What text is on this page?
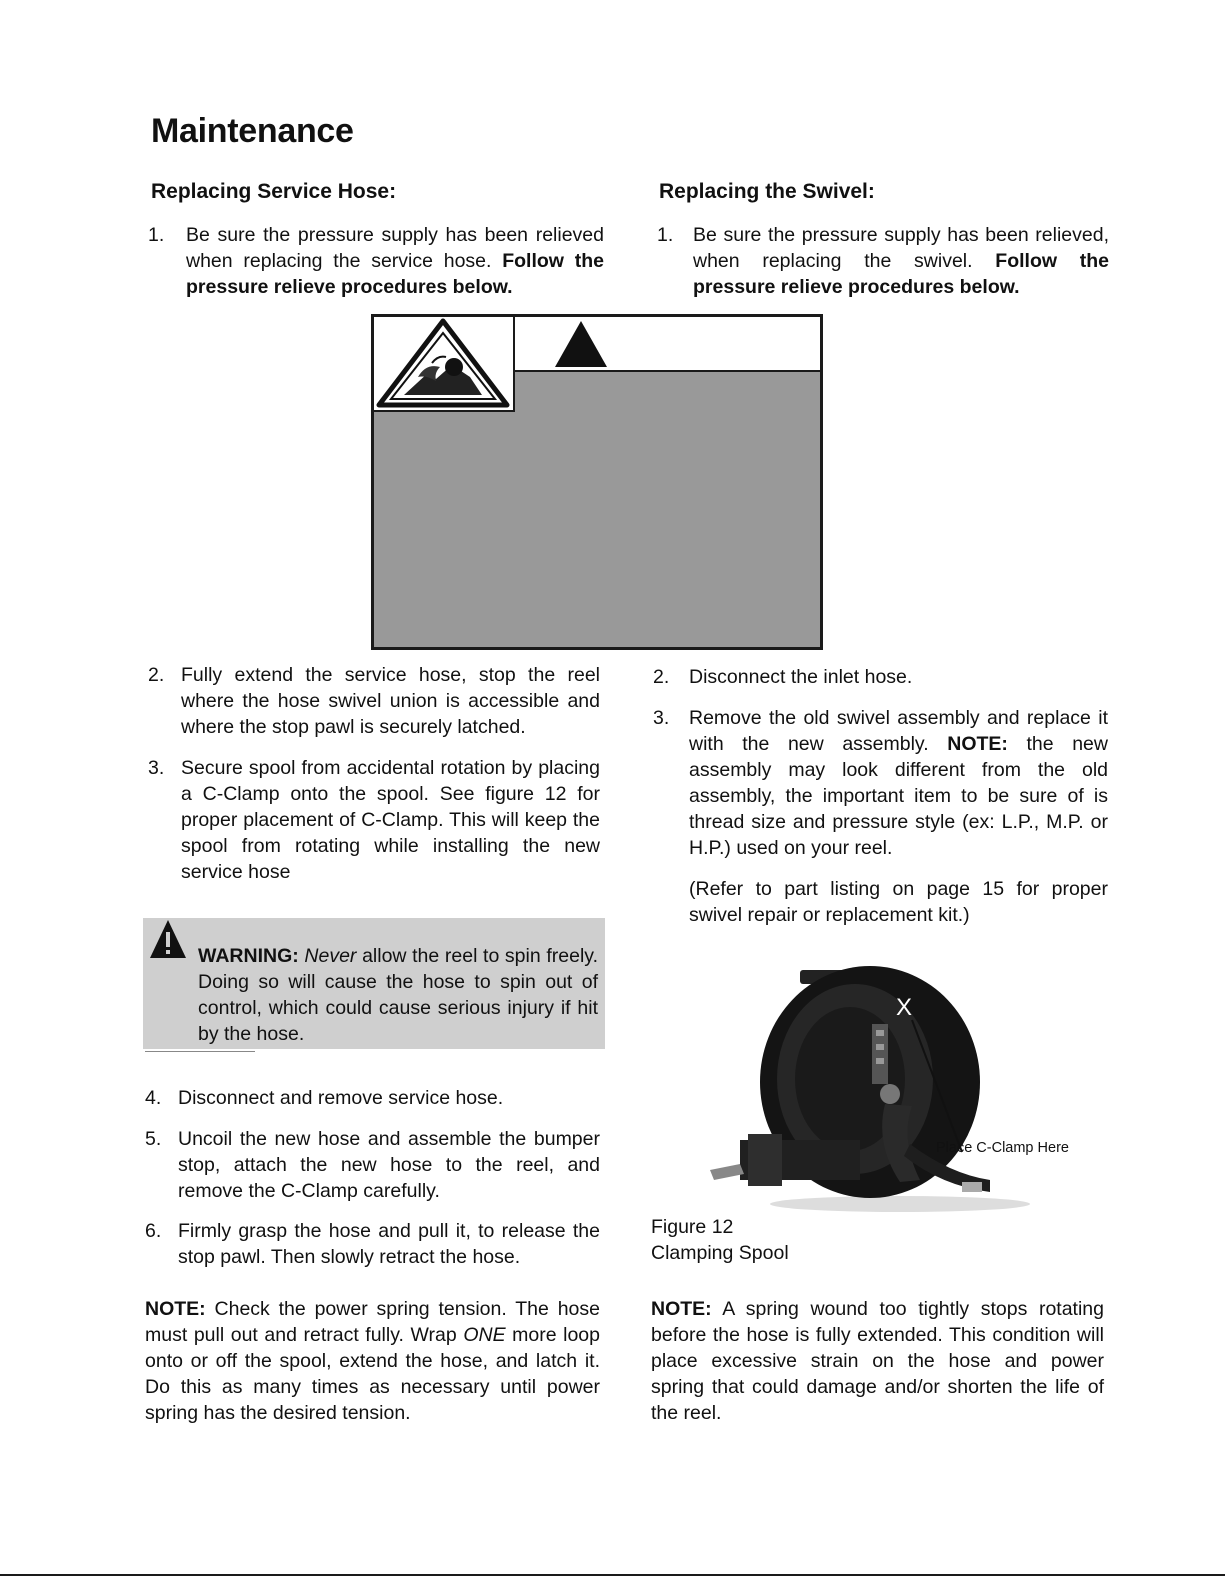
Maintenance
Replacing Service Hose:
1. Be sure the pressure supply has been relieved when replacing the service hose. Follow the pressure relieve procedures below.
2. Fully extend the service hose, stop the reel where the hose swivel union is accessible and where the stop pawl is securely latched.
3. Secure spool from accidental rotation by placing a C-Clamp onto the spool. See figure 12 for proper placement of C-Clamp. This will keep the spool from rotating while installing the new service hose
WARNING: Never allow the reel to spin freely. Doing so will cause the hose to spin out of control, which could cause serious injury if hit by the hose.
4. Disconnect and remove service hose.
5. Uncoil the new hose and assemble the bumper stop, attach the new hose to the reel, and remove the C-Clamp carefully.
6. Firmly grasp the hose and pull it, to release the stop pawl. Then slowly retract the hose.

NOTE: Check the power spring tension. The hose must pull out and retract fully. Wrap ONE more loop onto or off the spool, extend the hose, and latch it. Do this as many times as necessary until power spring has the desired tension.

Replacing the Swivel:
1. Be sure the pressure supply has been relieved, when replacing the swivel. Follow the pressure relieve procedures below.
2. Disconnect the inlet hose.
3. Remove the old swivel assembly and replace it with the new assembly. NOTE: the new assembly may look different from the old assembly, the important item to be sure of is thread size and pressure style (ex: L.P., M.P. or H.P.) used on your reel.

(Refer to part listing on page 15 for proper swivel repair or replacement kit.)

X
Place C-Clamp Here
Figure 12
Clamping Spool

NOTE: A spring wound too tightly stops rotating before the hose is fully extended. This condition will place excessive strain on the hose and power spring that could damage and/or shorten the life of the reel.
